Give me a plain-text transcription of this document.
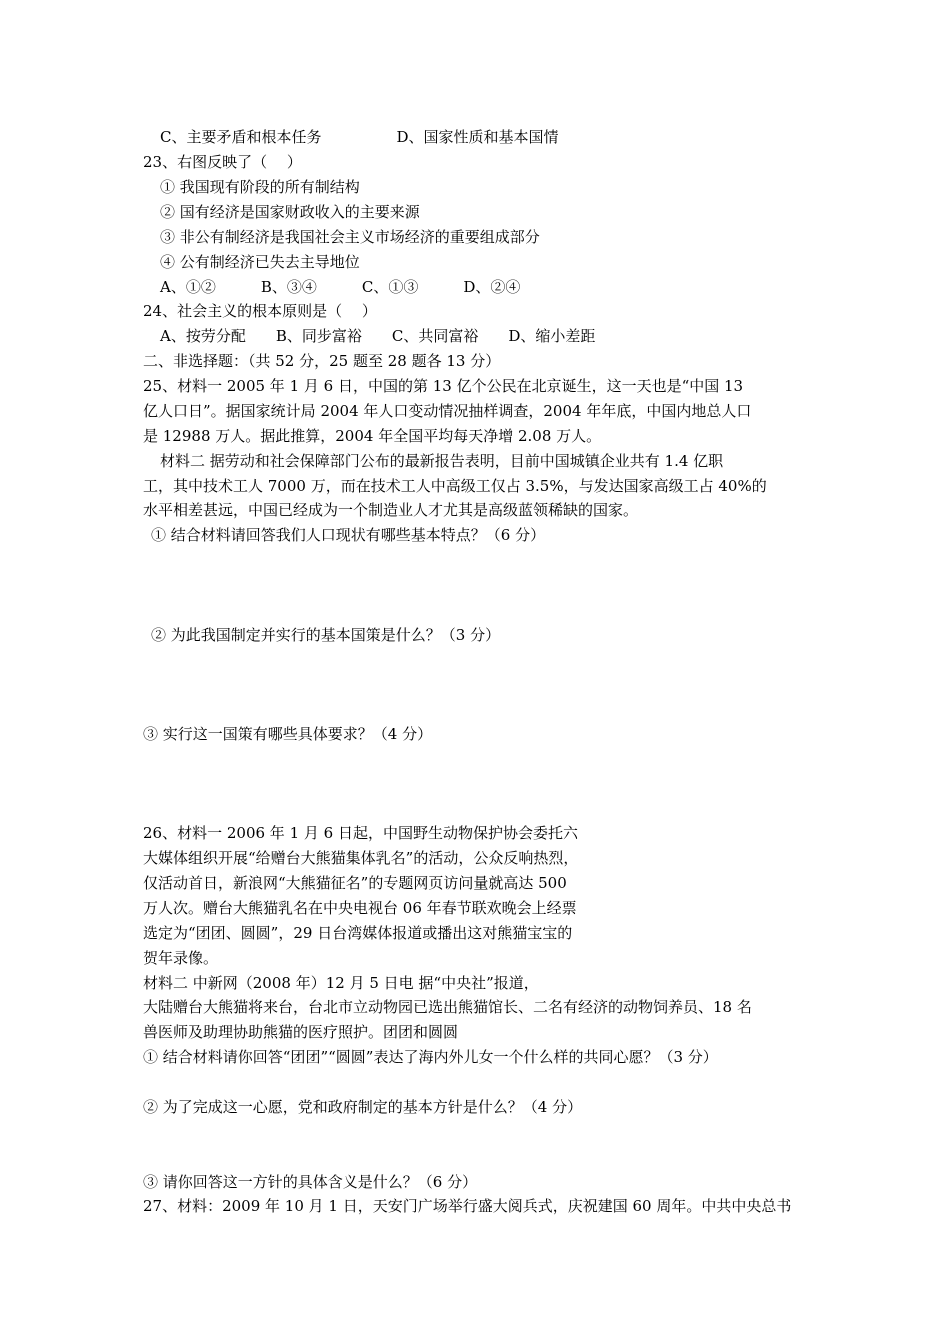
C、主要矛盾和根本任务　　　　　D、国家性质和基本国情
23、右图反映了（　 ）
① 我国现有阶段的所有制结构
② 国有经济是国家财政收入的主要来源
③ 非公有制经济是我国社会主义市场经济的重要组成部分
④ 公有制经济已失去主导地位
A、①②　　　B、③④　　　C、①③　　　D、②④
24、社会主义的根本原则是（　 ）
A、按劳分配　　B、同步富裕　　C、共同富裕　　D、缩小差距
二、非选择题：（共 52 分，25 题至 28 题各 13 分）
25、材料一 2005 年 1 月 6 日，中国的第 13 亿个公民在北京诞生，这一天也是“中国 13
亿人口日”。据国家统计局 2004 年人口变动情况抽样调查，2004 年年底，中国内地总人口
是 12988 万人。据此推算，2004 年全国平均每天净增 2.08 万人。
材料二 据劳动和社会保障部门公布的最新报告表明，目前中国城镇企业共有 1.4 亿职
工，其中技术工人 7000 万，而在技术工人中高级工仅占 3.5%，与发达国家高级工占 40%的
水平相差甚远，中国已经成为一个制造业人才尤其是高级蓝领稀缺的国家。
① 结合材料请回答我们人口现状有哪些基本特点？（6 分）
② 为此我国制定并实行的基本国策是什么？（3 分）
③ 实行这一国策有哪些具体要求？（4 分）
26、材料一 2006 年 1 月 6 日起，中国野生动物保护协会委托六
大媒体组织开展“给赠台大熊猫集体乳名”的活动，公众反响热烈，
仅活动首日，新浪网“大熊猫征名”的专题网页访问量就高达 500
万人次。赠台大熊猫乳名在中央电视台 06 年春节联欢晚会上经票
选定为“团团、圆圆”，29 日台湾媒体报道或播出这对熊猫宝宝的
贺年录像。
材料二 中新网（2008 年）12 月 5 日电 据“中央社”报道，
大陆赠台大熊猫将来台，台北市立动物园已选出熊猫馆长、二名有经济的动物饲养员、18 名
兽医师及助理协助熊猫的医疗照护。团团和圆圆
① 结合材料请你回答“团团”“圆圆”表达了海内外儿女一个什么样的共同心愿？（3 分）
② 为了完成这一心愿，党和政府制定的基本方针是什么？（4 分）
③ 请你回答这一方针的具体含义是什么？（6 分）
27、材料：2009 年 10 月 1 日，天安门广场举行盛大阅兵式，庆祝建国 60 周年。中共中央总书
